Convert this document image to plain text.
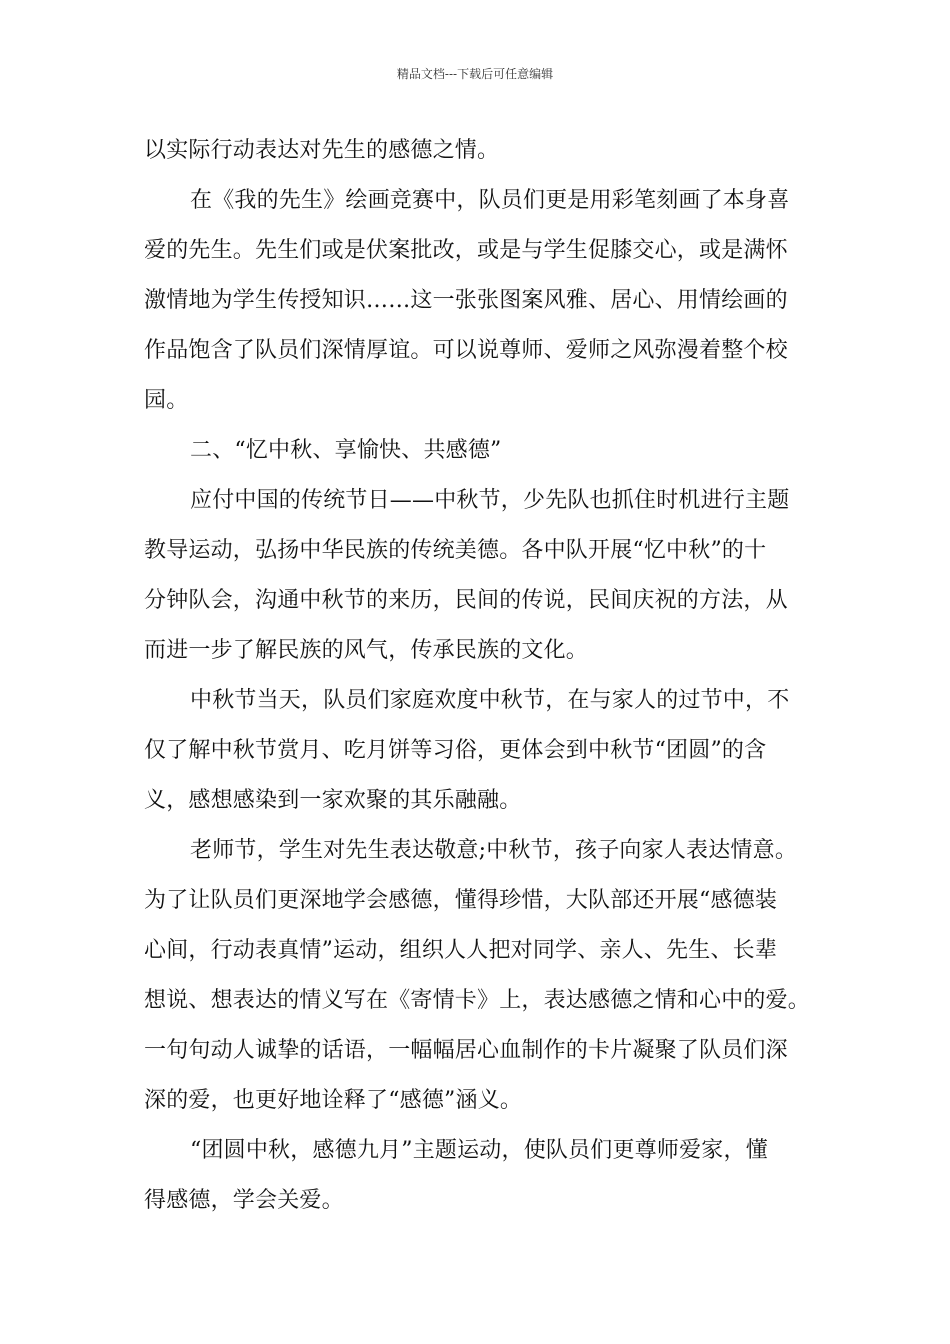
精品文档---下载后可任意编辑
以实际行动表达对先生的感德之情。
在《我的先生》绘画竞赛中，队员们更是用彩笔刻画了本身喜
爱的先生。先生们或是伏案批改，或是与学生促膝交心，或是满怀
激情地为学生传授知识……这一张张图案风雅、居心、用情绘画的
作品饱含了队员们深情厚谊。可以说尊师、爱师之风弥漫着整个校
园。
二、“忆中秋、享愉快、共感德”
应付中国的传统节日——中秋节，少先队也抓住时机进行主题
教导运动，弘扬中华民族的传统美德。各中队开展“忆中秋”的十
分钟队会，沟通中秋节的来历，民间的传说，民间庆祝的方法，从
而进一步了解民族的风气，传承民族的文化。
中秋节当天，队员们家庭欢度中秋节，在与家人的过节中，不
仅了解中秋节赏月、吃月饼等习俗，更体会到中秋节“团圆”的含
义，感想感染到一家欢聚的其乐融融。
老师节，学生对先生表达敬意;中秋节，孩子向家人表达情意。
为了让队员们更深地学会感德，懂得珍惜，大队部还开展“感德装
心间，行动表真情”运动，组织人人把对同学、亲人、先生、长辈
想说、想表达的情义写在《寄情卡》上，表达感德之情和心中的爱。
一句句动人诚挚的话语，一幅幅居心血制作的卡片凝聚了队员们深
深的爱，也更好地诠释了“感德”涵义。
“团圆中秋，感德九月”主题运动，使队员们更尊师爱家，懂
得感德，学会关爱。
